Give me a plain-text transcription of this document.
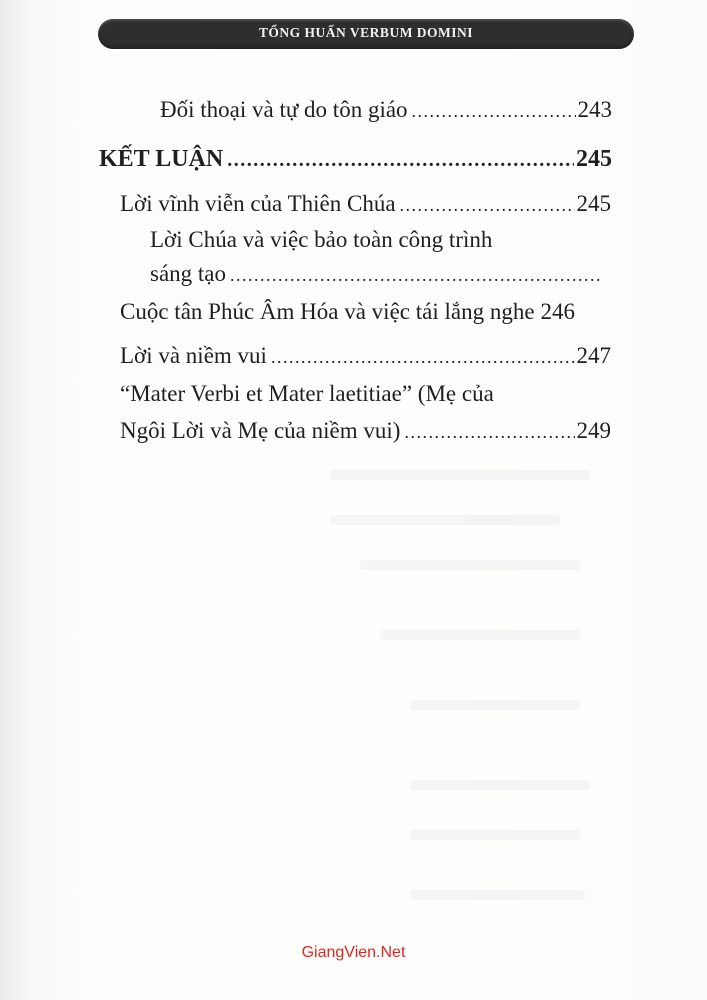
TỔNG HUẤN VERBUM DOMINI
Đối thoại và tự do tôn giáo .....	243
KẾT LUẬN .....	245
Lời vĩnh viễn của Thiên Chúa .....	245
Lời Chúa và việc bảo toàn công trình
sáng tạo
.....
Cuộc tân Phúc Âm Hóa và việc tái lắng nghe 246
Lời và niềm vui .....	247
“Mater Verbi et Mater laetitiae” (Mẹ của
Ngôi Lời và Mẹ của niềm vui) .....	249
GiangVien.Net
